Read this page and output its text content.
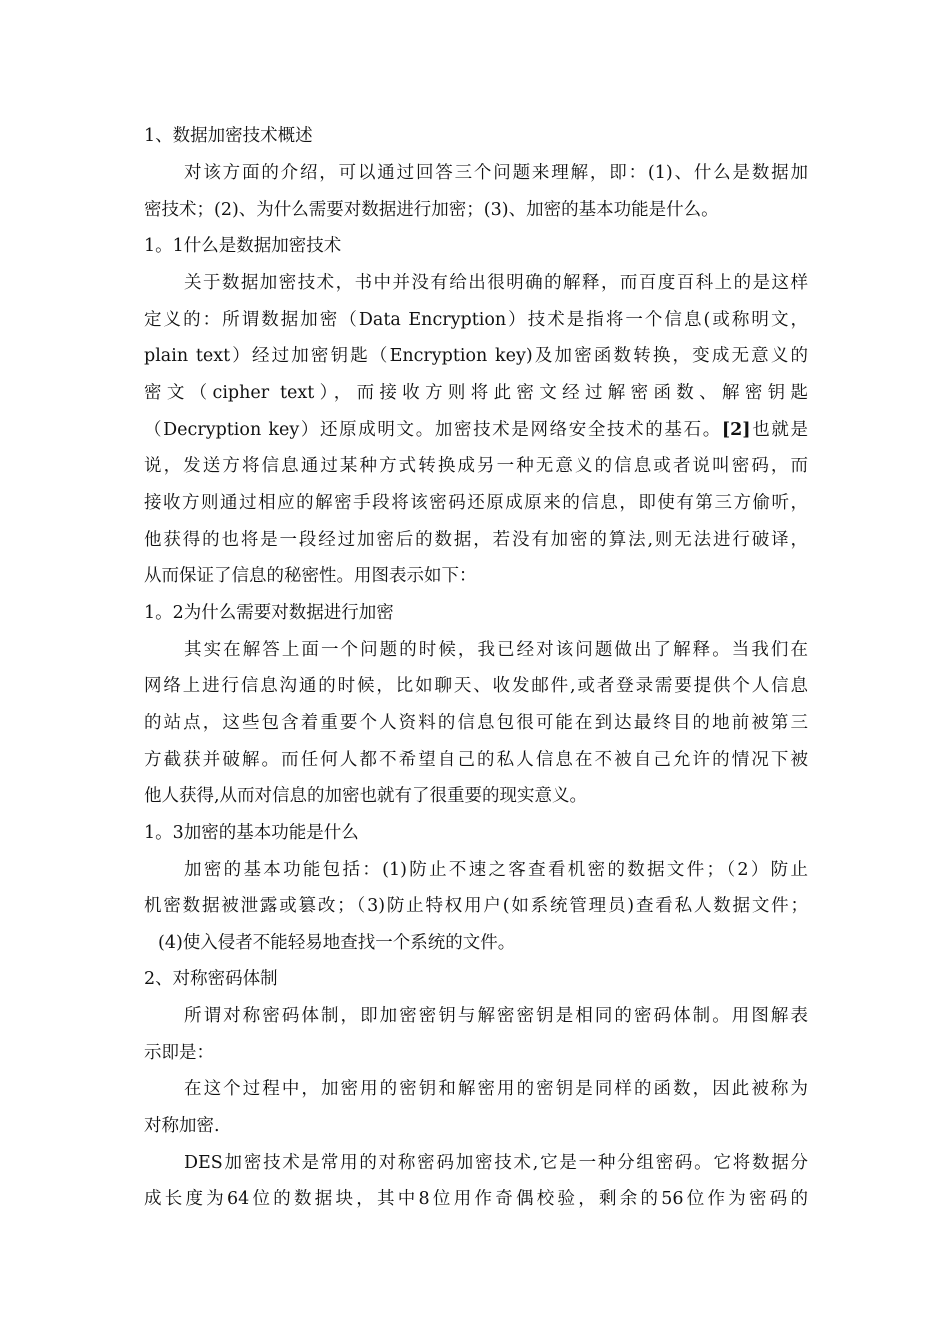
1、数据加密技术概述
对该方面的介绍，可以通过回答三个问题来理解，即：(1)、什么是数据加
密技术；(2)、为什么需要对数据进行加密；(3)、加密的基本功能是什么。
1。1什么是数据加密技术
关于数据加密技术，书中并没有给出很明确的解释，而百度百科上的是这样
定义的：所谓数据加密（Data Encryption）技术是指将一个信息(或称明文，
plain text）经过加密钥匙（Encryption key)及加密函数转换，变成无意义的
密文（cipher text），而接收方则将此密文经过解密函数、解密钥匙
（Decryption key）还原成明文。加密技术是网络安全技术的基石。[2]也就是
说，发送方将信息通过某种方式转换成另一种无意义的信息或者说叫密码，而
接收方则通过相应的解密手段将该密码还原成原来的信息，即使有第三方偷听，
他获得的也将是一段经过加密后的数据，若没有加密的算法,则无法进行破译，
从而保证了信息的秘密性。用图表示如下：
1。2为什么需要对数据进行加密
其实在解答上面一个问题的时候，我已经对该问题做出了解释。当我们在
网络上进行信息沟通的时候，比如聊天、收发邮件,或者登录需要提供个人信息
的站点，这些包含着重要个人资料的信息包很可能在到达最终目的地前被第三
方截获并破解。而任何人都不希望自己的私人信息在不被自己允许的情况下被
他人获得,从而对信息的加密也就有了很重要的现实意义。
1。3加密的基本功能是什么
加密的基本功能包括：(1)防止不速之客查看机密的数据文件；（2）防止
机密数据被泄露或篡改；（3)防止特权用户(如系统管理员)查看私人数据文件；
(4)使入侵者不能轻易地查找一个系统的文件。
2、对称密码体制
所谓对称密码体制，即加密密钥与解密密钥是相同的密码体制。用图解表
示即是：
在这个过程中，加密用的密钥和解密用的密钥是同样的函数，因此被称为
对称加密.
DES加密技术是常用的对称密码加密技术,它是一种分组密码。它将数据分
成长度为64位的数据块，其中8位用作奇偶校验，剩余的56位作为密码的
